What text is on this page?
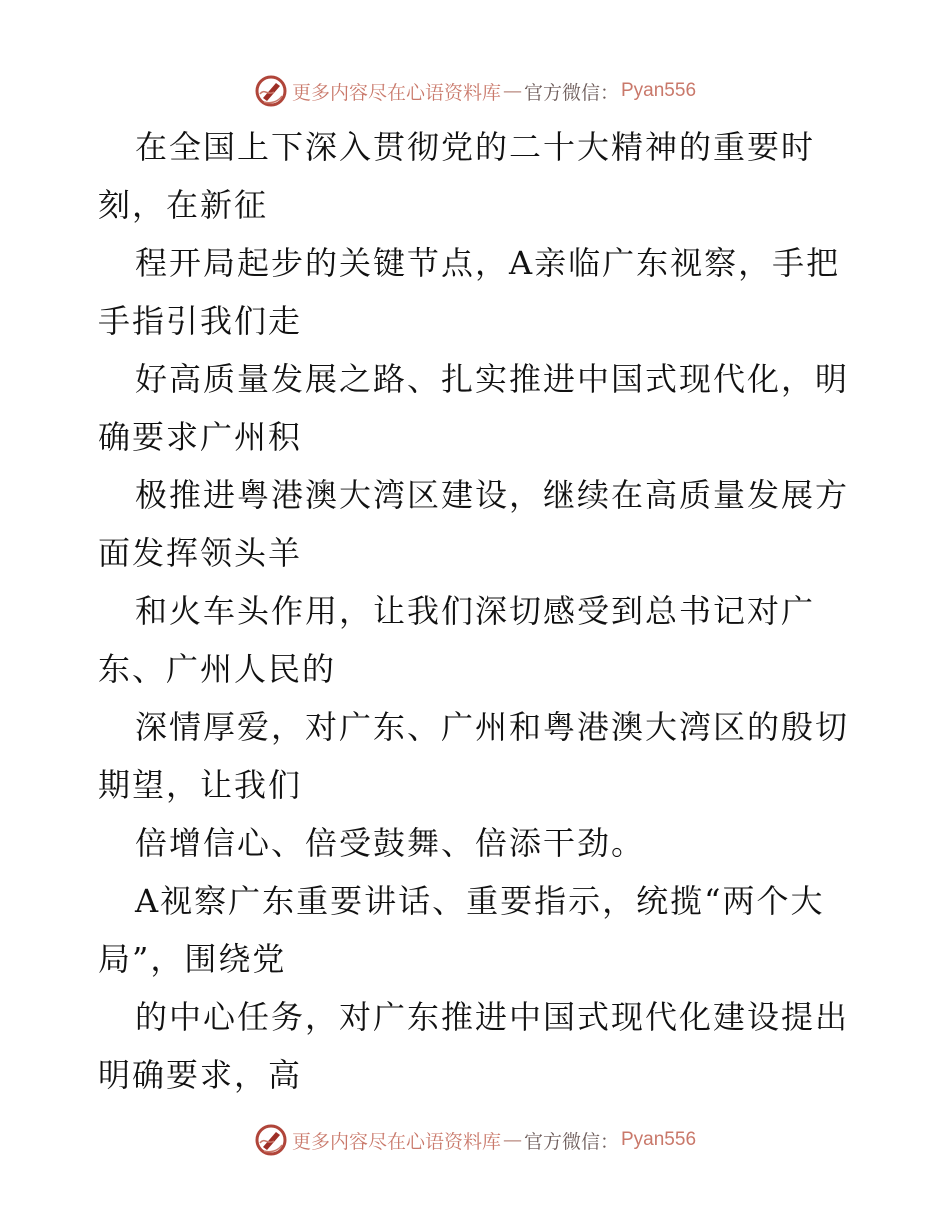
更多内容尽在心语资料库 — 官方微信： Pyan556
在全国上下深入贯彻党的二十大精神的重要时
刻，在新征
程开局起步的关键节点，A亲临广东视察，手把
手指引我们走
好高质量发展之路、扎实推进中国式现代化，明
确要求广州积
极推进粤港澳大湾区建设，继续在高质量发展方
面发挥领头羊
和火车头作用，让我们深切感受到总书记对广
东、广州人民的
深情厚爱，对广东、广州和粤港澳大湾区的殷切
期望，让我们
倍增信心、倍受鼓舞、倍添干劲。
A视察广东重要讲话、重要指示，统揽“两个大
局”，围绕党
的中心任务，对广东推进中国式现代化建设提出
明确要求，高
更多内容尽在心语资料库 — 官方微信： Pyan556
